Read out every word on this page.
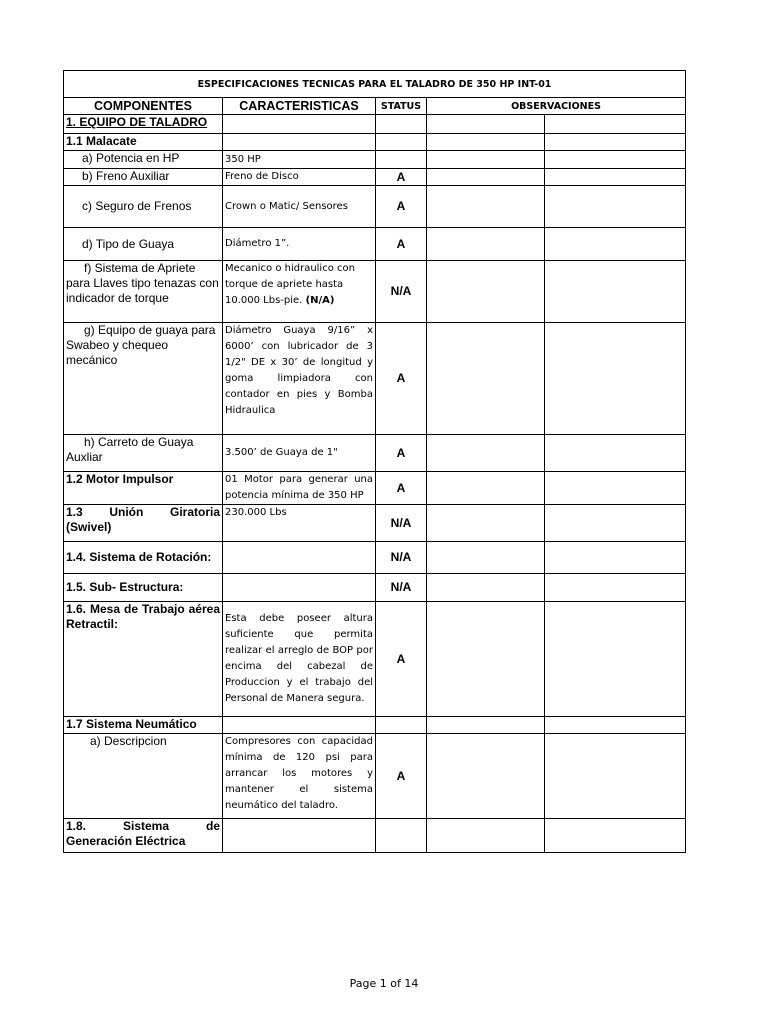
ESPECIFICACIONES TECNICAS PARA EL TALADRO DE 350 HP INT-01				
COMPONENTES	CARACTERISTICAS	STATUS	OBSERVACIONES	
1. EQUIPO DE TALADRO				
1.1 Malacate				
a) Potencia en HP	350 HP			
b) Freno Auxiliar	Freno de Disco	A		
c) Seguro de Frenos	Crown o Matic/ Sensores	A		
d) Tipo de Guaya	Diámetro 1”.	A		
f) Sistema de Apriete para Llaves tipo tenazas con indicador de torque	Mecanico o hidraulico con torque de apriete hasta 10.000 Lbs-pie. (N/A)	N/A		
g) Equipo de guaya para Swabeo y chequeo mecánico	Diámetro Guaya 9/16” x 6000’ con lubricador de 3 1/2" DE x 30’ de longitud y goma limpiadora con contador en pies y Bomba Hidraulica	A		
h) Carreto de Guaya Auxliar	3.500’ de Guaya de 1"	A		
1.2 Motor Impulsor	01 Motor para generar una potencia mínima de 350 HP	A		
1.3 Unión Giratoria (Swivel)	230.000 Lbs	N/A		
1.4. Sistema de Rotación:		N/A		
1.5. Sub- Estructura:		N/A		
1.6. Mesa de Trabajo aérea Retractil:	Esta debe poseer altura suficiente que permita realizar el arreglo de BOP por encima del cabezal de Produccion y el trabajo del Personal de Manera segura.	A		
1.7 Sistema Neumático				
a) Descripcion	Compresores con capacidad mínima de 120 psi para arrancar los motores y mantener el sistema neumático del taladro.	A		
1.8. Sistema de Generación Eléctrica				
Page 1 of 14
